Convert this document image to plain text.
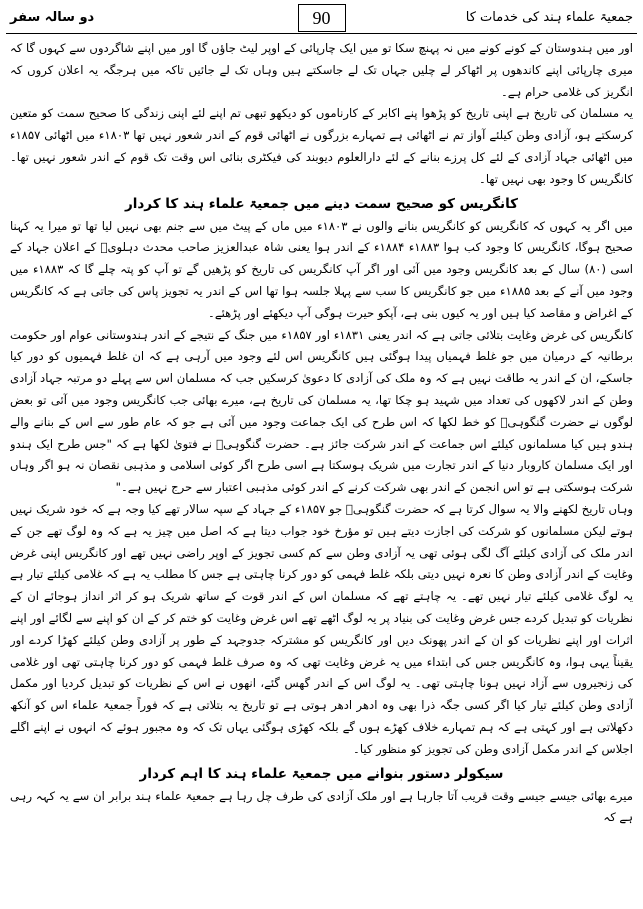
جمعیۃ علماء ہند کی خدمات کا
90
دو سالہ سفر

اور میں ہندوستان کے کونے کونے میں نہ پہنچ سکا تو میں ایک چارپائی کے اوپر لیٹ جاؤں گا اور میں اپنے شاگردوں سے کہوں گا کہ میری چارپائی اپنے کاندھوں پر اٹھاکر لے چلیں جہاں تک لے جاسکتے ہیں وہاں تک لے جائیں تاکہ میں ہرجگہ یہ اعلان کروں کہ انگریز کی غلامی حرام ہے۔

یہ مسلمان کی تاریخ ہے اپنی تاریخ کو پڑھوا پنے اکابر کے کارناموں کو دیکھو تبھی تم اپنے لئے اپنی زندگی کا صحیح سمت کو متعین کرسکتے ہو، آزادی وطن کیلئے آواز تم نے اٹھائی ہے تمہارے بزرگوں نے اٹھائی قوم کے اندر شعور نہیں تھا ۱۸۰۳ء میں اٹھائی ۱۸۵۷ء میں اٹھائی جہاد آزادی کے لئے کل پرزے بنانے کے لئے دارالعلوم دیوبند کی فیکٹری بنائی اس وقت تک قوم کے اندر شعور نہیں تھا۔ کانگریس کا وجود بھی نہیں تھا۔

کانگریس کو صحیح سمت دینے میں جمعیۃ علماء ہند کا کردار

میں اگر یہ کہوں کہ کانگریس کو کانگریس بنانے والوں نے ۱۸۰۳ء میں ماں کے پیٹ میں سے جنم بھی نہیں لیا تھا تو میرا یہ کہنا صحیح ہوگا، کانگریس کا وجود کب ہوا ۱۸۸۳ء ۱۸۸۴ء کے اندر ہوا یعنی شاہ عبدالعزیز صاحب محدث دہلویؒ کے اعلان جہاد کے اسی (۸۰) سال کے بعد کانگریس وجود میں آئی اور اگر آپ کانگریس کی تاریخ کو پڑھیں گے تو آپ کو پتہ چلے گا کہ ۱۸۸۳ء میں وجود میں آنے کے بعد ۱۸۸۵ء میں جو کانگریس کا سب سے پہلا جلسہ ہوا تھا اس کے اندر یہ تجویز پاس کی جاتی ہے کہ کانگریس کے اغراض و مقاصد کیا ہیں اور یہ کیوں بنی ہے، آپکو حیرت ہوگی آپ دیکھئے اور پڑھئے۔

کانگریس کی غرض وغایت بتلائی جاتی ہے کہ اندر یعنی ۱۸۳۱ء اور ۱۸۵۷ء میں جنگ کے نتیجے کے اندر ہندوستانی عوام اور حکومت برطانیہ کے درمیان میں جو غلط فہمیاں پیدا ہوگئی ہیں کانگریس اس لئے وجود میں آرہی ہے کہ ان غلط فہمیوں کو دور کیا جاسکے، ان کے اندر یہ طاقت نہیں ہے کہ وہ ملک کی آزادی کا دعویٰ کرسکیں جب کہ مسلمان اس سے پہلے دو مرتبہ جہاد آزادی وطن کے اندر لاکھوں کی تعداد میں شہید ہو چکا تھا، یہ مسلمان کی تاریخ ہے، میرے بھائی جب کانگریس وجود میں آئی تو بعض لوگوں نے حضرت گنگوہیؒ کو خط لکھا کہ اس طرح کی ایک جماعت وجود میں آئی ہے جو کہ عام طور سے اس کے بنانے والے ہندو ہیں کیا مسلمانوں کیلئے اس جماعت کے اندر شرکت جائز ہے۔ حضرت گنگوہیؒ نے فتویٰ لکھا ہے کہ "جس طرح ایک ہندو اور ایک مسلمان کاروبار دنیا کے اندر تجارت میں شریک ہوسکتا ہے اسی طرح اگر کوئی اسلامی و مذہبی نقصان نہ ہو اگر وہاں شرکت ہوسکتی ہے تو اس انجمن کے اندر بھی شرکت کرنے کے اندر کوئی مذہبی اعتبار سے حرج نہیں ہے۔"

وہاں تاریخ لکھنے والا یہ سوال کرتا ہے کہ حضرت گنگوہیؒ جو ۱۸۵۷ء کے جہاد کے سپہ سالار تھے کیا وجہ ہے کہ خود شریک نہیں ہوتے لیکن مسلمانوں کو شرکت کی اجازت دیتے ہیں تو مؤرخ خود جواب دیتا ہے کہ اصل میں چیز یہ ہے کہ وہ لوگ تھے جن کے اندر ملک کی آزادی کیلئے آگ لگی ہوئی تھی یہ آزادی وطن سے کم کسی تجویز کے اوپر راضی نہیں تھے اور کانگریس اپنی غرض وغایت کے اندر آزادی وطن کا نعرہ نہیں دیتی بلکہ غلط فہمی کو دور کرنا چاہتی ہے جس کا مطلب یہ ہے کہ غلامی کیلئے تیار ہے یہ لوگ غلامی کیلئے تیار نہیں تھے۔ یہ چاہتے تھے کہ مسلمان اس کے اندر قوت کے ساتھ شریک ہو کر اثر انداز ہوجائے ان کے نظریات کو تبدیل کردے جس غرض وغایت کی بنیاد پر یہ لوگ اٹھے تھے اس غرض وغایت کو ختم کر کے ان کو اپنے سے لگائے اور اپنے اثرات اور اپنے نظریات کو ان کے اندر پھونک دیں اور کانگریس کو مشترکہ جدوجہد کے طور پر آزادی وطن کیلئے کھڑا کردے اور یقیناً یہی ہوا، وہ کانگریس جس کی ابتداء میں یہ غرض وغایت تھی کہ وہ صرف غلط فہمی کو دور کرنا چاہتی تھی اور غلامی کی زنجیروں سے آزاد نہیں ہونا چاہتی تھی۔ یہ لوگ اس کے اندر گھس گئے، انھوں نے اس کے نظریات کو تبدیل کردیا اور مکمل آزادی وطن کیلئے تیار کیا اگر کسی جگہ ذرا بھی وہ ادھر ادھر ہوتی ہے تو تاریخ یہ بتلاتی ہے کہ فوراً جمعیۃ علماء اس کو آنکھ دکھلاتی ہے اور کہتی ہے کہ ہم تمہارے خلاف کھڑے ہوں گے بلکہ کھڑی ہوگئی یہاں تک کہ وہ مجبور ہوئے کہ انہوں نے اپنے اگلے اجلاس کے اندر مکمل آزادی وطن کی تجویز کو منظور کیا۔

سیکولر دستور بنوانے میں جمعیۃ علماء ہند کا اہم کردار

میرے بھائی جیسے جیسے وقت قریب آتا جارہا ہے اور ملک آزادی کی طرف چل رہا ہے جمعیۃ علماء ہند برابر ان سے یہ کہہ رہی ہے کہ
